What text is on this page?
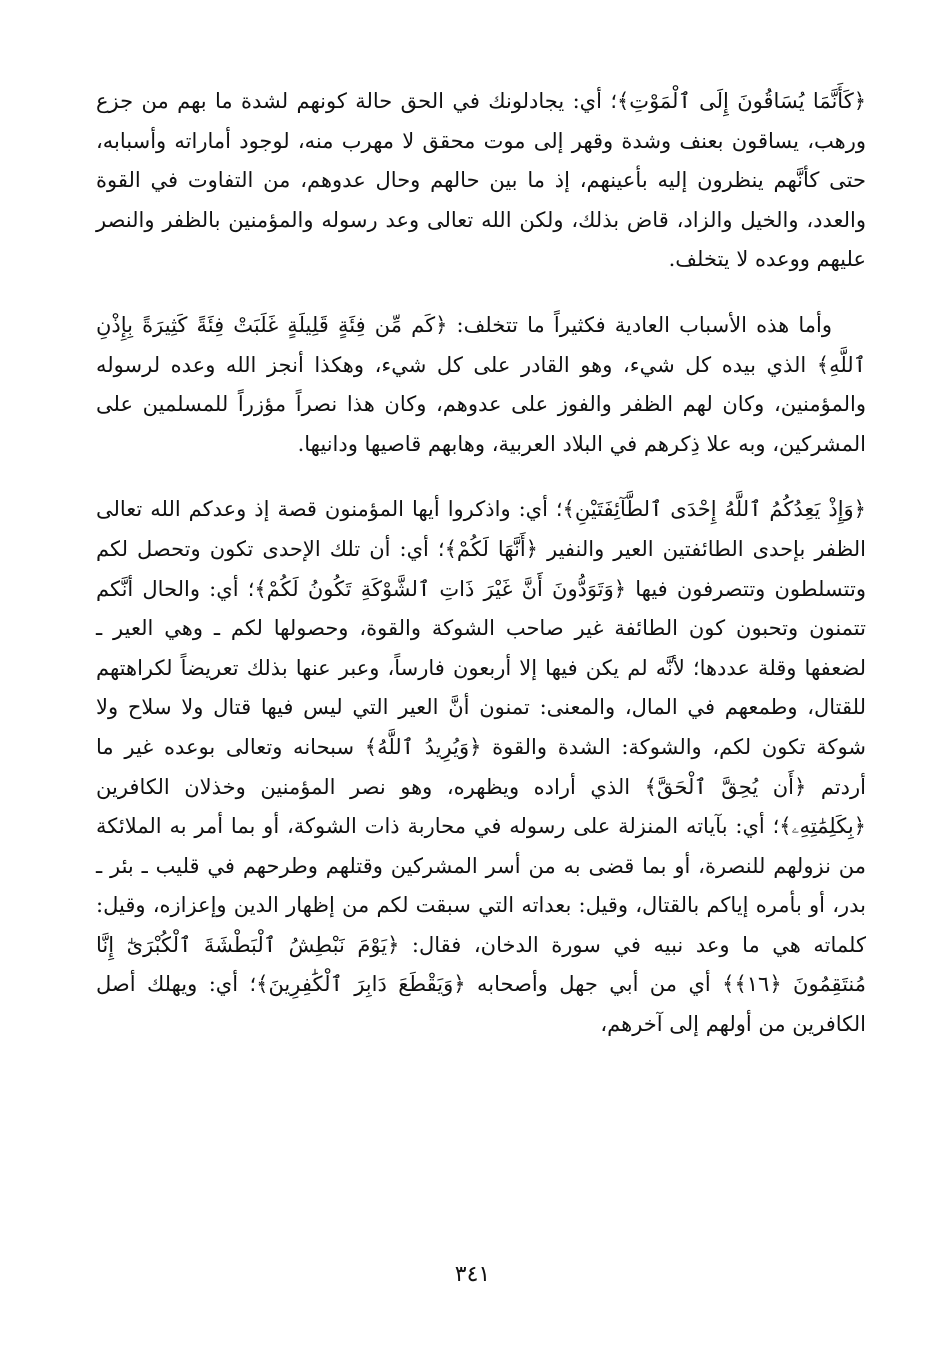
﴿كَأَنَّمَا يُسَاقُونَ إِلَى ٱلْمَوْتِ﴾؛ أي: يجادلونك في الحق حالة كونهم لشدة ما بهم من جزع ورهب، يساقون بعنف وشدة وقهر إلى موت محقق لا مهرب منه، لوجود أماراته وأسبابه، حتى كأنَّهم ينظرون إليه بأعينهم، إذ ما بين حالهم وحال عدوهم، من التفاوت في القوة والعدد، والخيل والزاد، قاض بذلك، ولكن الله تعالى وعد رسوله والمؤمنين بالظفر والنصر عليهم ووعده لا يتخلف.

وأما هذه الأسباب العادية فكثيراً ما تتخلف: ﴿كَم مِّن فِئَةٍ قَلِيلَةٍ غَلَبَتْ فِئَةً كَثِيرَةً بِإِذْنِ ٱللَّهِ﴾ الذي بيده كل شيء، وهو القادر على كل شيء، وهكذا أنجز الله وعده لرسوله والمؤمنين، وكان لهم الظفر والفوز على عدوهم، وكان هذا نصراً مؤزراً للمسلمين على المشركين، وبه علا ذِكرهم في البلاد العربية، وهابهم قاصيها ودانيها.

﴿وَإِذْ يَعِدُكُمُ ٱللَّهُ إِحْدَى ٱلطَّآئِفَتَيْنِ﴾؛ أي: واذكروا أيها المؤمنون قصة إذ وعدكم الله تعالى الظفر بإحدى الطائفتين العير والنفير ﴿أَنَّهَا لَكُمْ﴾؛ أي: أن تلك الإحدى تكون وتحصل لكم وتتسلطون وتتصرفون فيها ﴿وَتَوَدُّونَ أَنَّ غَيْرَ ذَاتِ ٱلشَّوْكَةِ تَكُونُ لَكُمْ﴾؛ أي: والحال أنَّكم تتمنون وتحبون كون الطائفة غير صاحب الشوكة والقوة، وحصولها لكم ـ وهي العير ـ لضعفها وقلة عددها؛ لأنَّه لم يكن فيها إلا أربعون فارساً، وعبر عنها بذلك تعريضاً لكراهتهم للقتال، وطمعهم في المال، والمعنى: تمنون أنَّ العير التي ليس فيها قتال ولا سلاح ولا شوكة تكون لكم، والشوكة: الشدة والقوة ﴿وَيُرِيدُ ٱللَّهُ﴾ سبحانه وتعالى بوعده غير ما أردتم ﴿أَن يُحِقَّ ٱلْحَقَّ﴾ الذي أراده ويظهره، وهو نصر المؤمنين وخذلان الكافرين ﴿بِكَلِمَٰتِهِۦ﴾؛ أي: بآياته المنزلة على رسوله في محاربة ذات الشوكة، أو بما أمر به الملائكة من نزولهم للنصرة، أو بما قضى به من أسر المشركين وقتلهم وطرحهم في قليب ـ بئر ـ بدر، أو بأمره إياكم بالقتال، وقيل: بعداته التي سبقت لكم من إظهار الدين وإعزازه، وقيل: كلماته هي ما وعد نبيه في سورة الدخان، فقال: ﴿يَوْمَ نَبْطِشُ ٱلْبَطْشَةَ ٱلْكُبْرَىٰٓ إِنَّا مُنتَقِمُونَ ﴿١٦﴾﴾ أي من أبي جهل وأصحابه ﴿وَيَقْطَعَ دَابِرَ ٱلْكَٰفِرِينَ﴾؛ أي: ويهلك أصل الكافرين من أولهم إلى آخرهم،

٣٤١
